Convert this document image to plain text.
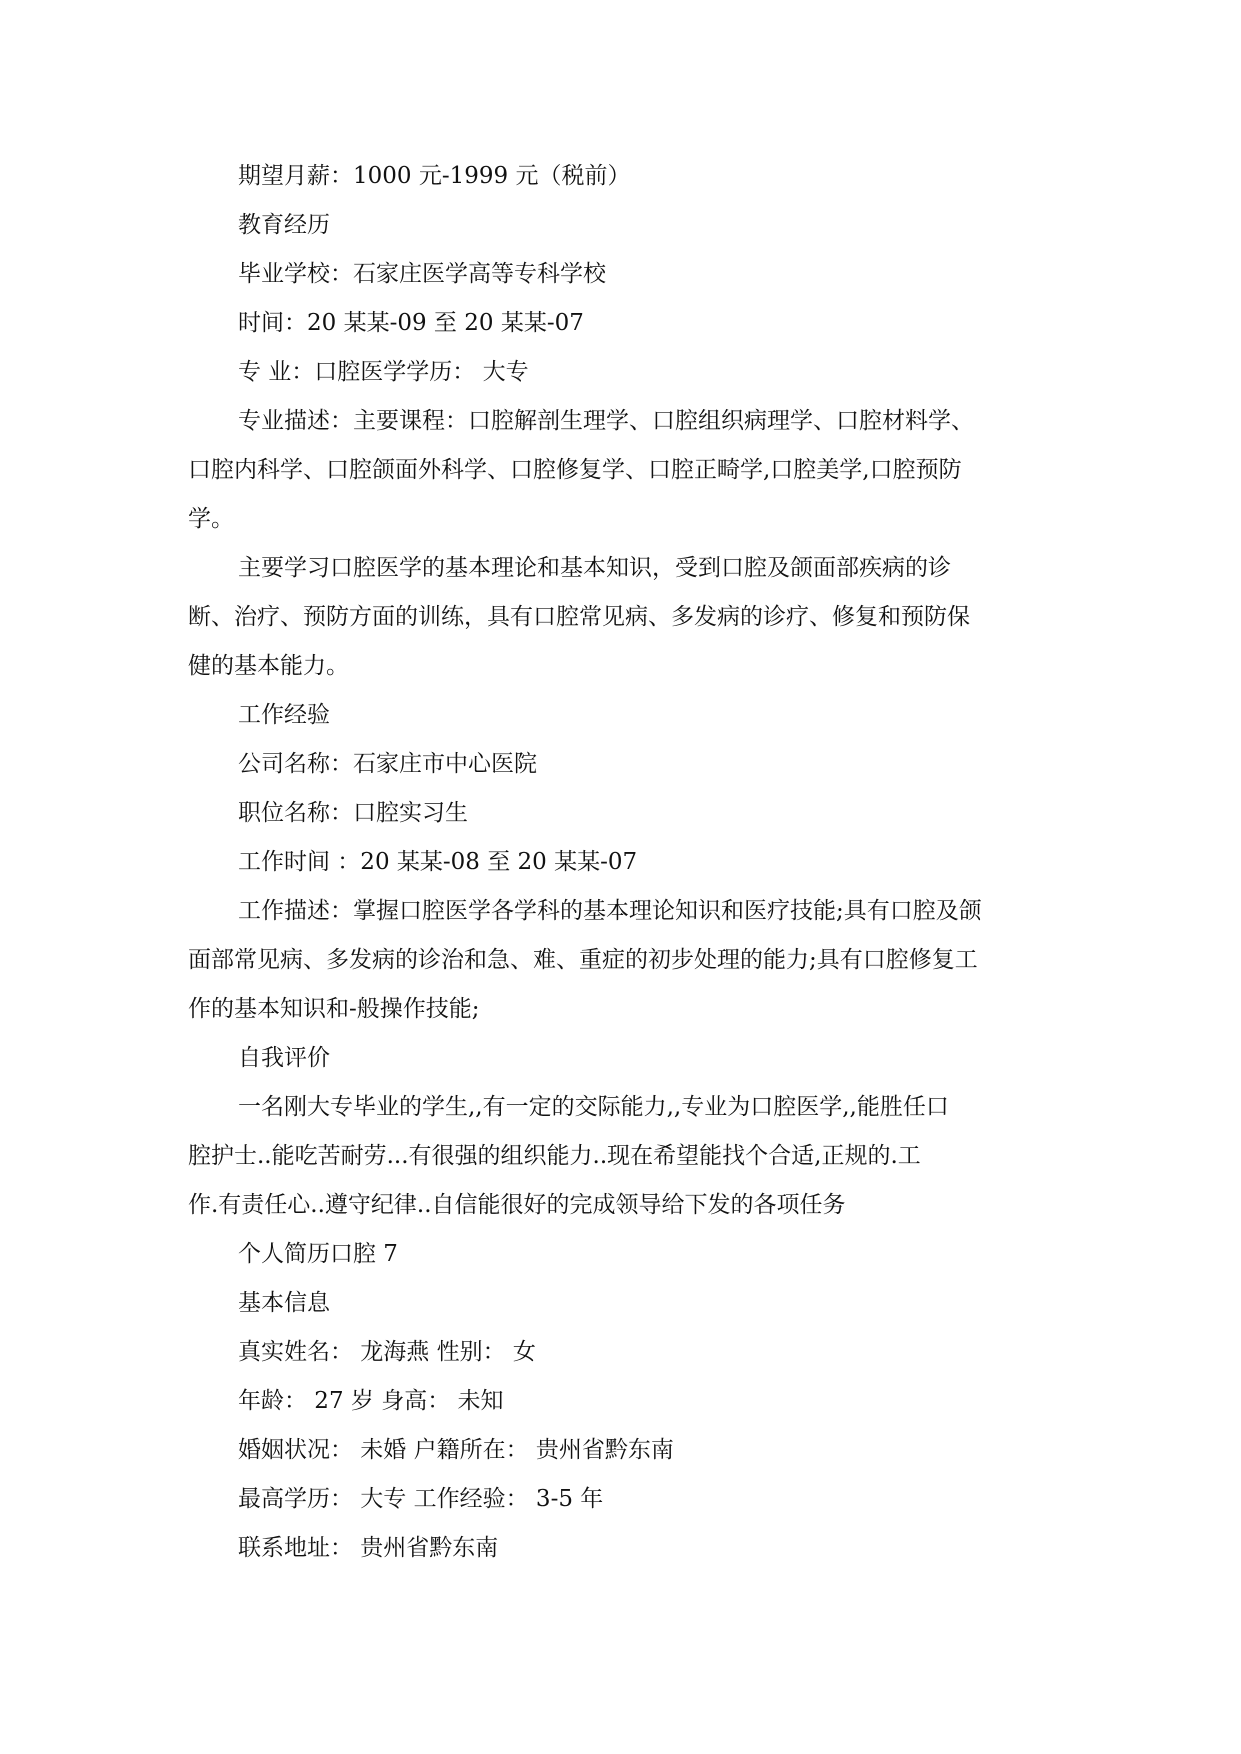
期望月薪：1000 元-1999 元（税前）

教育经历

毕业学校：石家庄医学高等专科学校

时间：20 某某-09 至 20 某某-07

专 业：口腔医学学历： 大专

专业描述：主要课程：口腔解剖生理学、口腔组织病理学、口腔材料学、

口腔内科学、口腔颌面外科学、口腔修复学、口腔正畸学,口腔美学,口腔预防

学。

主要学习口腔医学的基本理论和基本知识，受到口腔及颌面部疾病的诊

断、治疗、预防方面的训练，具有口腔常见病、多发病的诊疗、修复和预防保

健的基本能力。

工作经验

公司名称：石家庄市中心医院

职位名称：口腔实习生

工作时间 ：20 某某-08 至 20 某某-07

工作描述：掌握口腔医学各学科的基本理论知识和医疗技能;具有口腔及颌

面部常见病、多发病的诊治和急、难、重症的初步处理的能力;具有口腔修复工

作的基本知识和-般操作技能;

自我评价

一名刚大专毕业的学生,,有一定的交际能力,,专业为口腔医学,,能胜任口

腔护士..能吃苦耐劳...有很强的组织能力..现在希望能找个合适,正规的.工

作.有责任心..遵守纪律..自信能很好的完成领导给下发的各项任务

个人简历口腔 7

基本信息

真实姓名： 龙海燕 性别： 女

年龄： 27 岁 身高： 未知

婚姻状况： 未婚 户籍所在： 贵州省黔东南

最高学历： 大专 工作经验： 3-5 年

联系地址： 贵州省黔东南
